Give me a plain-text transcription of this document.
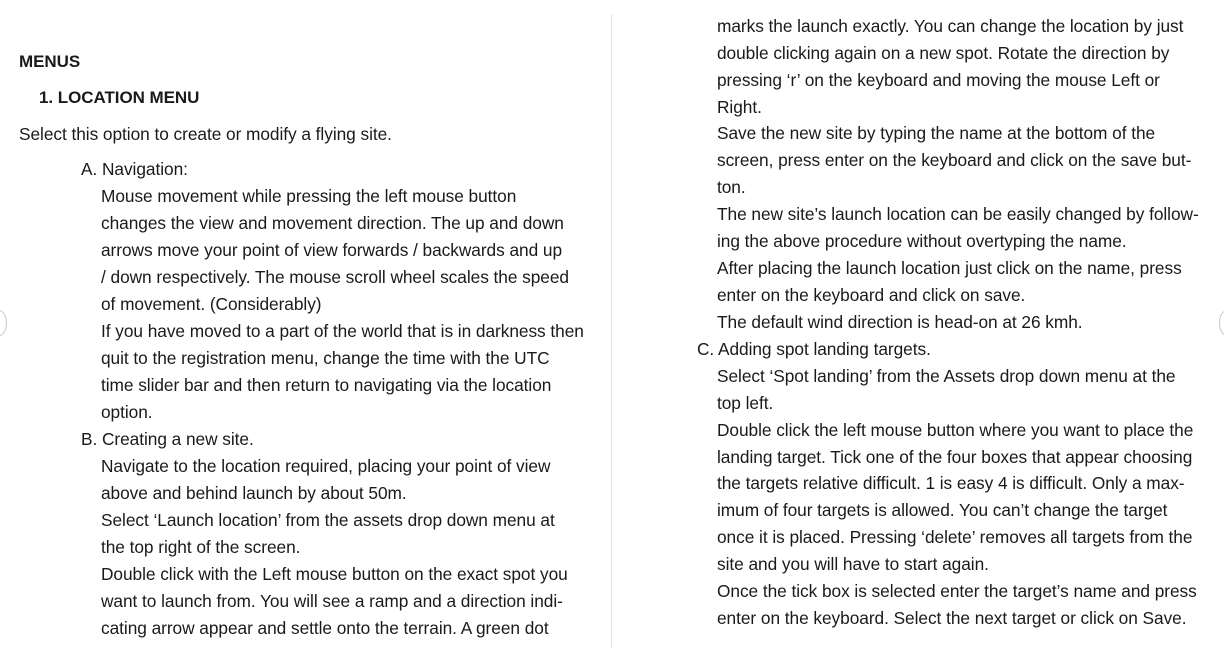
MENUS
1. LOCATION MENU
Select this option to create or modify a flying site.
A. Navigation:
Mouse movement while pressing the left mouse button
changes the view and movement direction. The up and down
arrows move your point of view forwards / backwards and up
/ down respectively. The mouse scroll wheel scales the speed
of movement. (Considerably)
If you have moved to a part of the world that is in darkness then
quit to the registration menu, change the time with the UTC
time slider bar and then return to navigating via the location
option.
B. Creating a new site.
Navigate to the location required, placing your point of view
above and behind launch by about 50m.
Select ‘Launch location’ from the assets drop down menu at
the top right of the screen.
Double click with the Left mouse button on the exact spot you
want to launch from. You will see a ramp and a direction indi-
cating arrow appear and settle onto the terrain. A green dot
marks the launch exactly. You can change the location by just
double clicking again on a new spot. Rotate the direction by
pressing ‘r’ on the keyboard and moving the mouse Left or
Right.
Save the new site by typing the name at the bottom of the
screen, press enter on the keyboard and click on the save but-
ton.
The new site’s launch location can be easily changed by follow-
ing the above procedure without overtyping the name.
After placing the launch location just click on the name, press
enter on the keyboard and click on save.
The default wind direction is head-on at 26 kmh.
C. Adding spot landing targets.
Select ‘Spot landing’ from the Assets drop down menu at the
top left.
Double click the left mouse button where you want to place the
landing target. Tick one of the four boxes that appear choosing
the targets relative difficult. 1 is easy 4 is difficult. Only a max-
imum of four targets is allowed. You can’t change the target
once it is placed. Pressing ‘delete’ removes all targets from the
site and you will have to start again.
Once the tick box is selected enter the target’s name and press
enter on the keyboard. Select the next target or click on Save.
